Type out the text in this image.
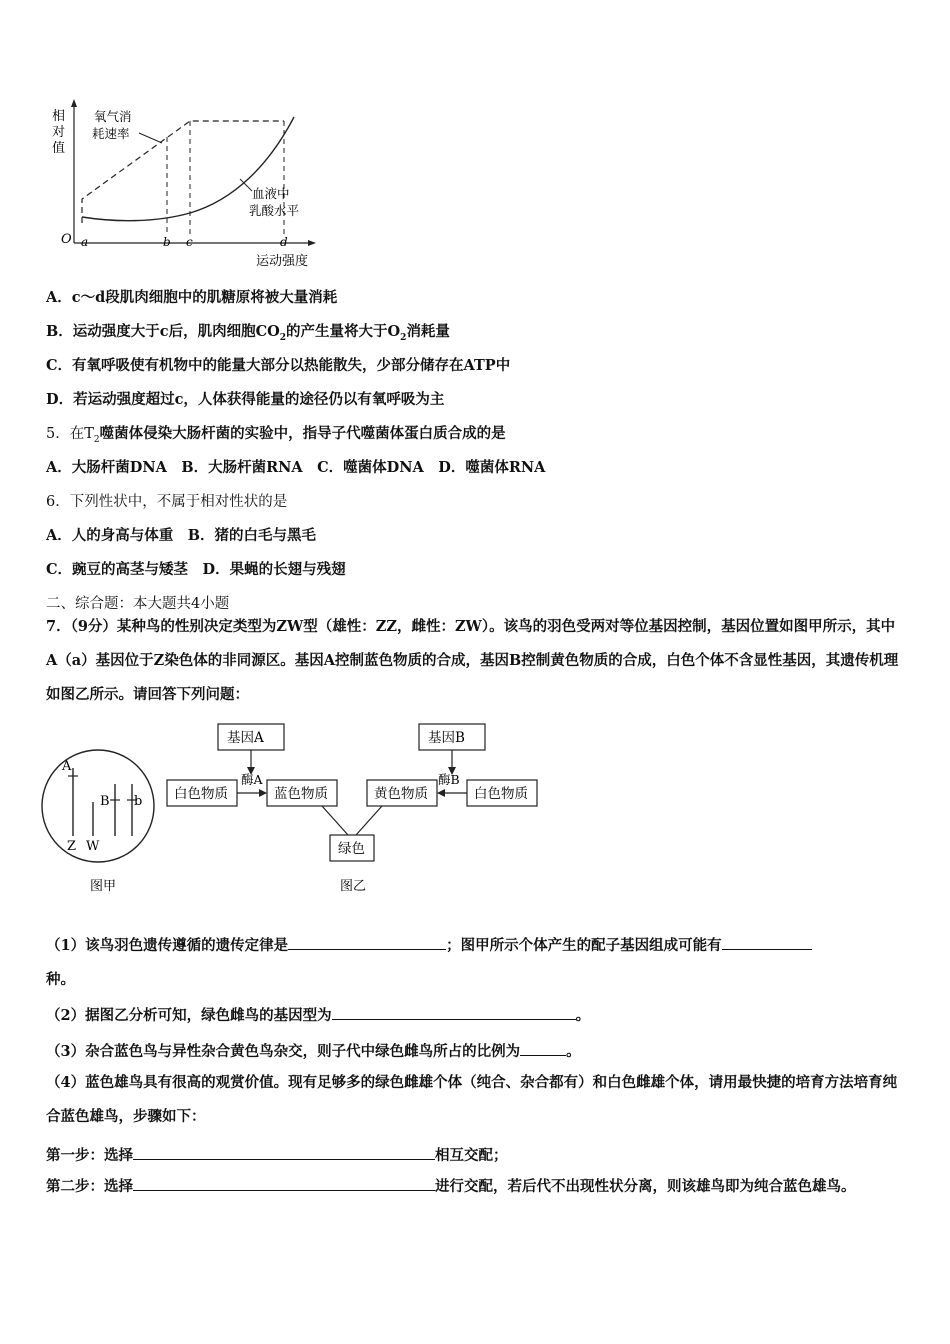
相
对
值
O a	b c	d
运动强度
氧气消
耗速率
血液中
乳酸水平
A．c～d段肌肉细胞中的肌糖原将被大量消耗
B．运动强度大于c后，肌肉细胞$CO_2$的产生量将大于$O_2$消耗量
C．有氧呼吸使有机物中的能量大部分以热能散失，少部分储存在ATP中
D．若运动强度超过c，人体获得能量的途径仍以有氧呼吸为主
5．在$T_2$噬菌体侵染大肠杆菌的实验中，指导子代噬菌体蛋白质合成的是
A．大肠杆菌DNA　B．大肠杆菌RNA　C．噬菌体DNA　D．噬菌体RNA
6．下列性状中，不属于相对性状的是
A．人的身高与体重　B．猪的白毛与黑毛
C．豌豆的高茎与矮茎　D．果蝇的长翅与残翅
二、综合题：本大题共4小题
7．（9分）某种鸟的性别决定类型为ZW型（雄性：ZZ，雌性：ZW）。该鸟的羽色受两对等位基因控制，基因位置如图甲所示，其中A（a）基因位于Z染色体的非同源区。基因A控制蓝色物质的合成，基因B控制黄色物质的合成，白色个体不含显性基因，其遗传机理如图乙所示。请回答下列问题：
A
B b
Z W
图甲
基因A	基因B
酶A	酶B
白色物质	蓝色物质	黄色物质	白色物质
绿色
图乙
（1）该鸟羽色遗传遵循的遗传定律是	；图甲所示个体产生的配子基因组成可能有
种。
（2）据图乙分析可知，绿色雌鸟的基因型为	。
（3）杂合蓝色鸟与异性杂合黄色鸟杂交，则子代中绿色雌鸟所占的比例为	。
（4）蓝色雄鸟具有很高的观赏价值。现有足够多的绿色雌雄个体（纯合、杂合都有）和白色雌雄个体，请用最快捷的培育方法培育纯合蓝色雄鸟，步骤如下：
第一步：选择	相互交配；
第二步：选择	进行交配，若后代不出现性状分离，则该雄鸟即为纯合蓝色雄鸟。
